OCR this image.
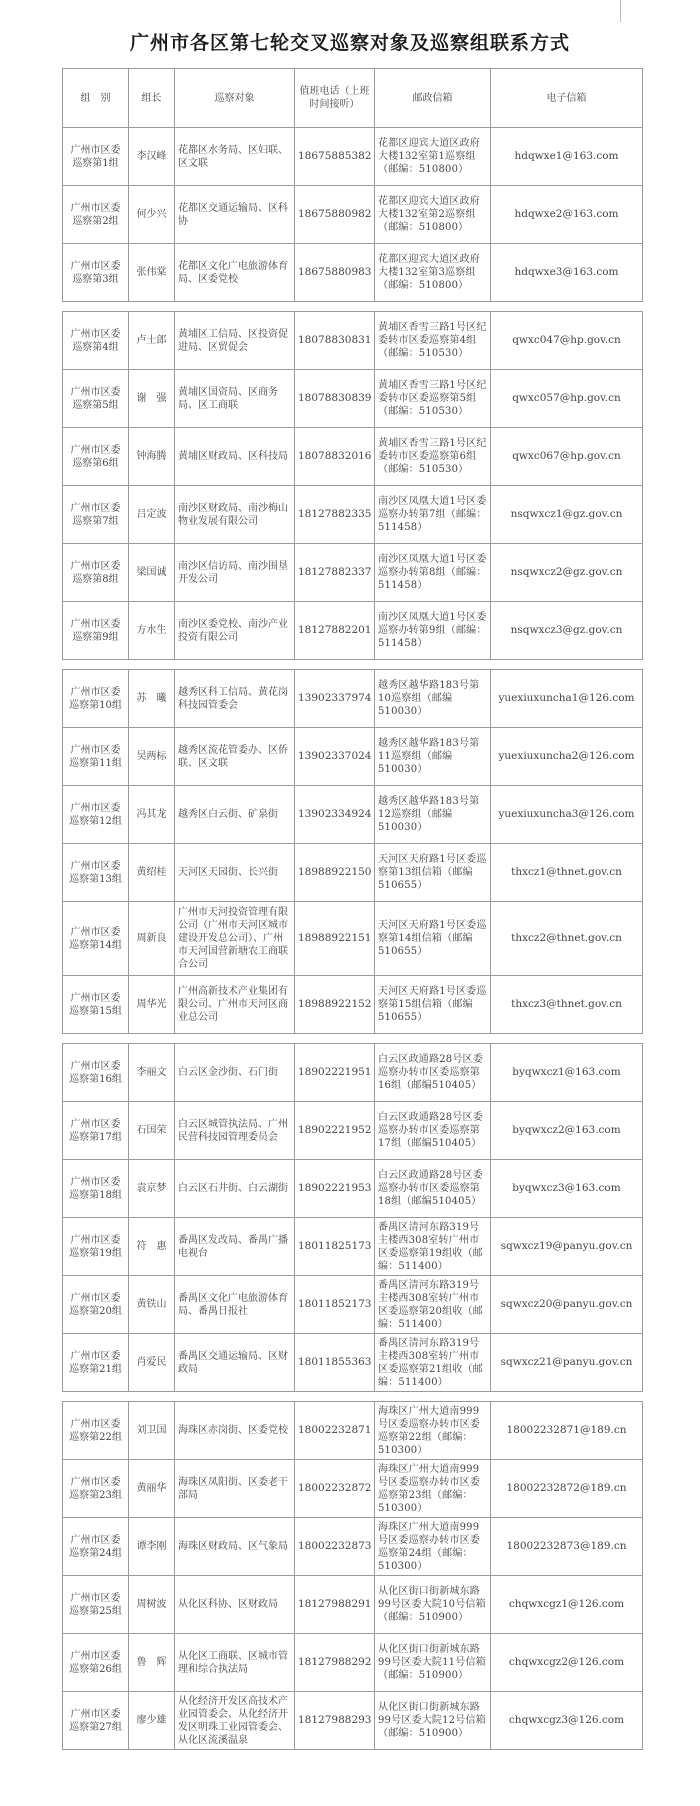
广州市各区第七轮交叉巡察对象及巡察组联系方式
组　别	组长	巡察对象	值班电话（上班时间接听）	邮政信箱	电子信箱
广州市区委巡察第1组	李汉峰	花都区水务局、区妇联、区文联	18675885382	花都区迎宾大道区政府大楼132室第1巡察组（邮编：510800）	hdqwxe1@163.com
广州市区委巡察第2组	何少兴	花都区交通运输局、区科协	18675880982	花都区迎宾大道区政府大楼132室第2巡察组（邮编：510800）	hdqwxe2@163.com
广州市区委巡察第3组	张伟棠	花都区文化广电旅游体育局、区委党校	18675880983	花都区迎宾大道区政府大楼132室第3巡察组（邮编：510800）	hdqwxe3@163.com

广州市区委巡察第4组	卢士郎	黄埔区工信局、区投资促进局、区贸促会	18078830831	黄埔区香雪三路1号区纪委转市区委巡察第4组（邮编：510530）	qwxc047@hp.gov.cn
广州市区委巡察第5组	谢　强	黄埔区国资局、区商务局、区工商联	18078830839	黄埔区香雪三路1号区纪委转市区委巡察第5组（邮编：510530）	qwxc057@hp.gov.cn
广州市区委巡察第6组	钟海腾	黄埔区财政局、区科技局	18078832016	黄埔区香雪三路1号区纪委转市区委巡察第6组（邮编：510530）	qwxc067@hp.gov.cn
广州市区委巡察第7组	吕定波	南沙区财政局、南沙梅山物业发展有限公司	18127882335	南沙区凤凰大道1号区委巡察办转第7组（邮编：511458）	nsqwxcz1@gz.gov.cn
广州市区委巡察第8组	梁国诚	南沙区信访局、南沙围垦开发公司	18127882337	南沙区凤凰大道1号区委巡察办转第8组（邮编：511458）	nsqwxcz2@gz.gov.cn
广州市区委巡察第9组	方水生	南沙区委党校、南沙产业投资有限公司	18127882201	南沙区凤凰大道1号区委巡察办转第9组（邮编：511458）	nsqwxcz3@gz.gov.cn

广州市区委巡察第10组	苏　曦	越秀区科工信局、黄花岗科技园管委会	13902337974	越秀区越华路183号第10巡察组（邮编510030）	yuexiuxuncha1@126.com
广州市区委巡察第11组	吴两标	越秀区流花管委办、区侨联、区文联	13902337024	越秀区越华路183号第11巡察组（邮编510030）	yuexiuxuncha2@126.com
广州市区委巡察第12组	冯其龙	越秀区白云街、矿泉街	13902334924	越秀区越华路183号第12巡察组（邮编510030）	yuexiuxuncha3@126.com
广州市区委巡察第13组	黄绍桂	天河区天园街、长兴街	18988922150	天河区天府路1号区委巡察第13组信箱（邮编510655）	thxcz1@thnet.gov.cn
广州市区委巡察第14组	周新良	广州市天河投资管理有限公司（广州市天河区城市建设开发总公司）、广州市天河国营新塘农工商联合公司	18988922151	天河区天府路1号区委巡察第14组信箱（邮编510655）	thxcz2@thnet.gov.cn
广州市区委巡察第15组	周华光	广州高新技术产业集团有限公司、广州市天河区商业总公司	18988922152	天河区天府路1号区委巡察第15组信箱（邮编510655）	thxcz3@thnet.gov.cn

广州市区委巡察第16组	李丽文	白云区金沙街、石门街	18902221951	白云区政通路28号区委巡察办转市区委巡察第16组（邮编510405）	byqwxcz1@163.com
广州市区委巡察第17组	石国荣	白云区城管执法局、广州民营科技园管理委员会	18902221952	白云区政通路28号区委巡察办转市区委巡察第17组（邮编510405）	byqwxcz2@163.com
广州市区委巡察第18组	袁京梦	白云区石井街、白云湖街	18902221953	白云区政通路28号区委巡察办转市区委巡察第18组（邮编510405）	byqwxcz3@163.com
广州市区委巡察第19组	符　惠	番禺区发改局、番禺广播电视台	18011825173	番禺区清河东路319号主楼西308室转广州市区委巡察第19组收（邮编：511400）	sqwxcz19@panyu.gov.cn
广州市区委巡察第20组	黄铁山	番禺区文化广电旅游体育局、番禺日报社	18011852173	番禺区清河东路319号主楼西308室转广州市区委巡察第20组收（邮编：511400）	sqwxcz20@panyu.gov.cn
广州市区委巡察第21组	肖爱民	番禺区交通运输局、区财政局	18011855363	番禺区清河东路319号主楼西308室转广州市区委巡察第21组收（邮编：511400）	sqwxcz21@panyu.gov.cn

广州市区委巡察第22组	刘卫国	海珠区赤岗街、区委党校	18002232871	海珠区广州大道南999号区委巡察办转市区委巡察第22组（邮编：510300）	18002232871@189.cn
广州市区委巡察第23组	黄丽华	海珠区凤阳街、区委老干部局	18002232872	海珠区广州大道南999号区委巡察办转市区委巡察第23组（邮编：510300）	18002232872@189.cn
广州市区委巡察第24组	谭李刚	海珠区财政局、区气象局	18002232873	海珠区广州大道南999号区委巡察办转市区委巡察第24组（邮编：510300）	18002232873@189.cn
广州市区委巡察第25组	周树波	从化区科协、区财政局	18127988291	从化区街口街新城东路99号区委大院10号信箱（邮编：510900）	chqwxcgz1@126.com
广州市区委巡察第26组	鲁　辉	从化区工商联、区城市管理和综合执法局	18127988292	从化区街口街新城东路99号区委大院11号信箱（邮编：510900）	chqwxcgz2@126.com
广州市区委巡察第27组	廖少雄	从化经济开发区高技术产业园管委会、从化经济开发区明珠工业园管委会、从化区流溪温泉	18127988293	从化区街口街新城东路99号区委大院12号信箱（邮编：510900）	chqwxcgz3@126.com
